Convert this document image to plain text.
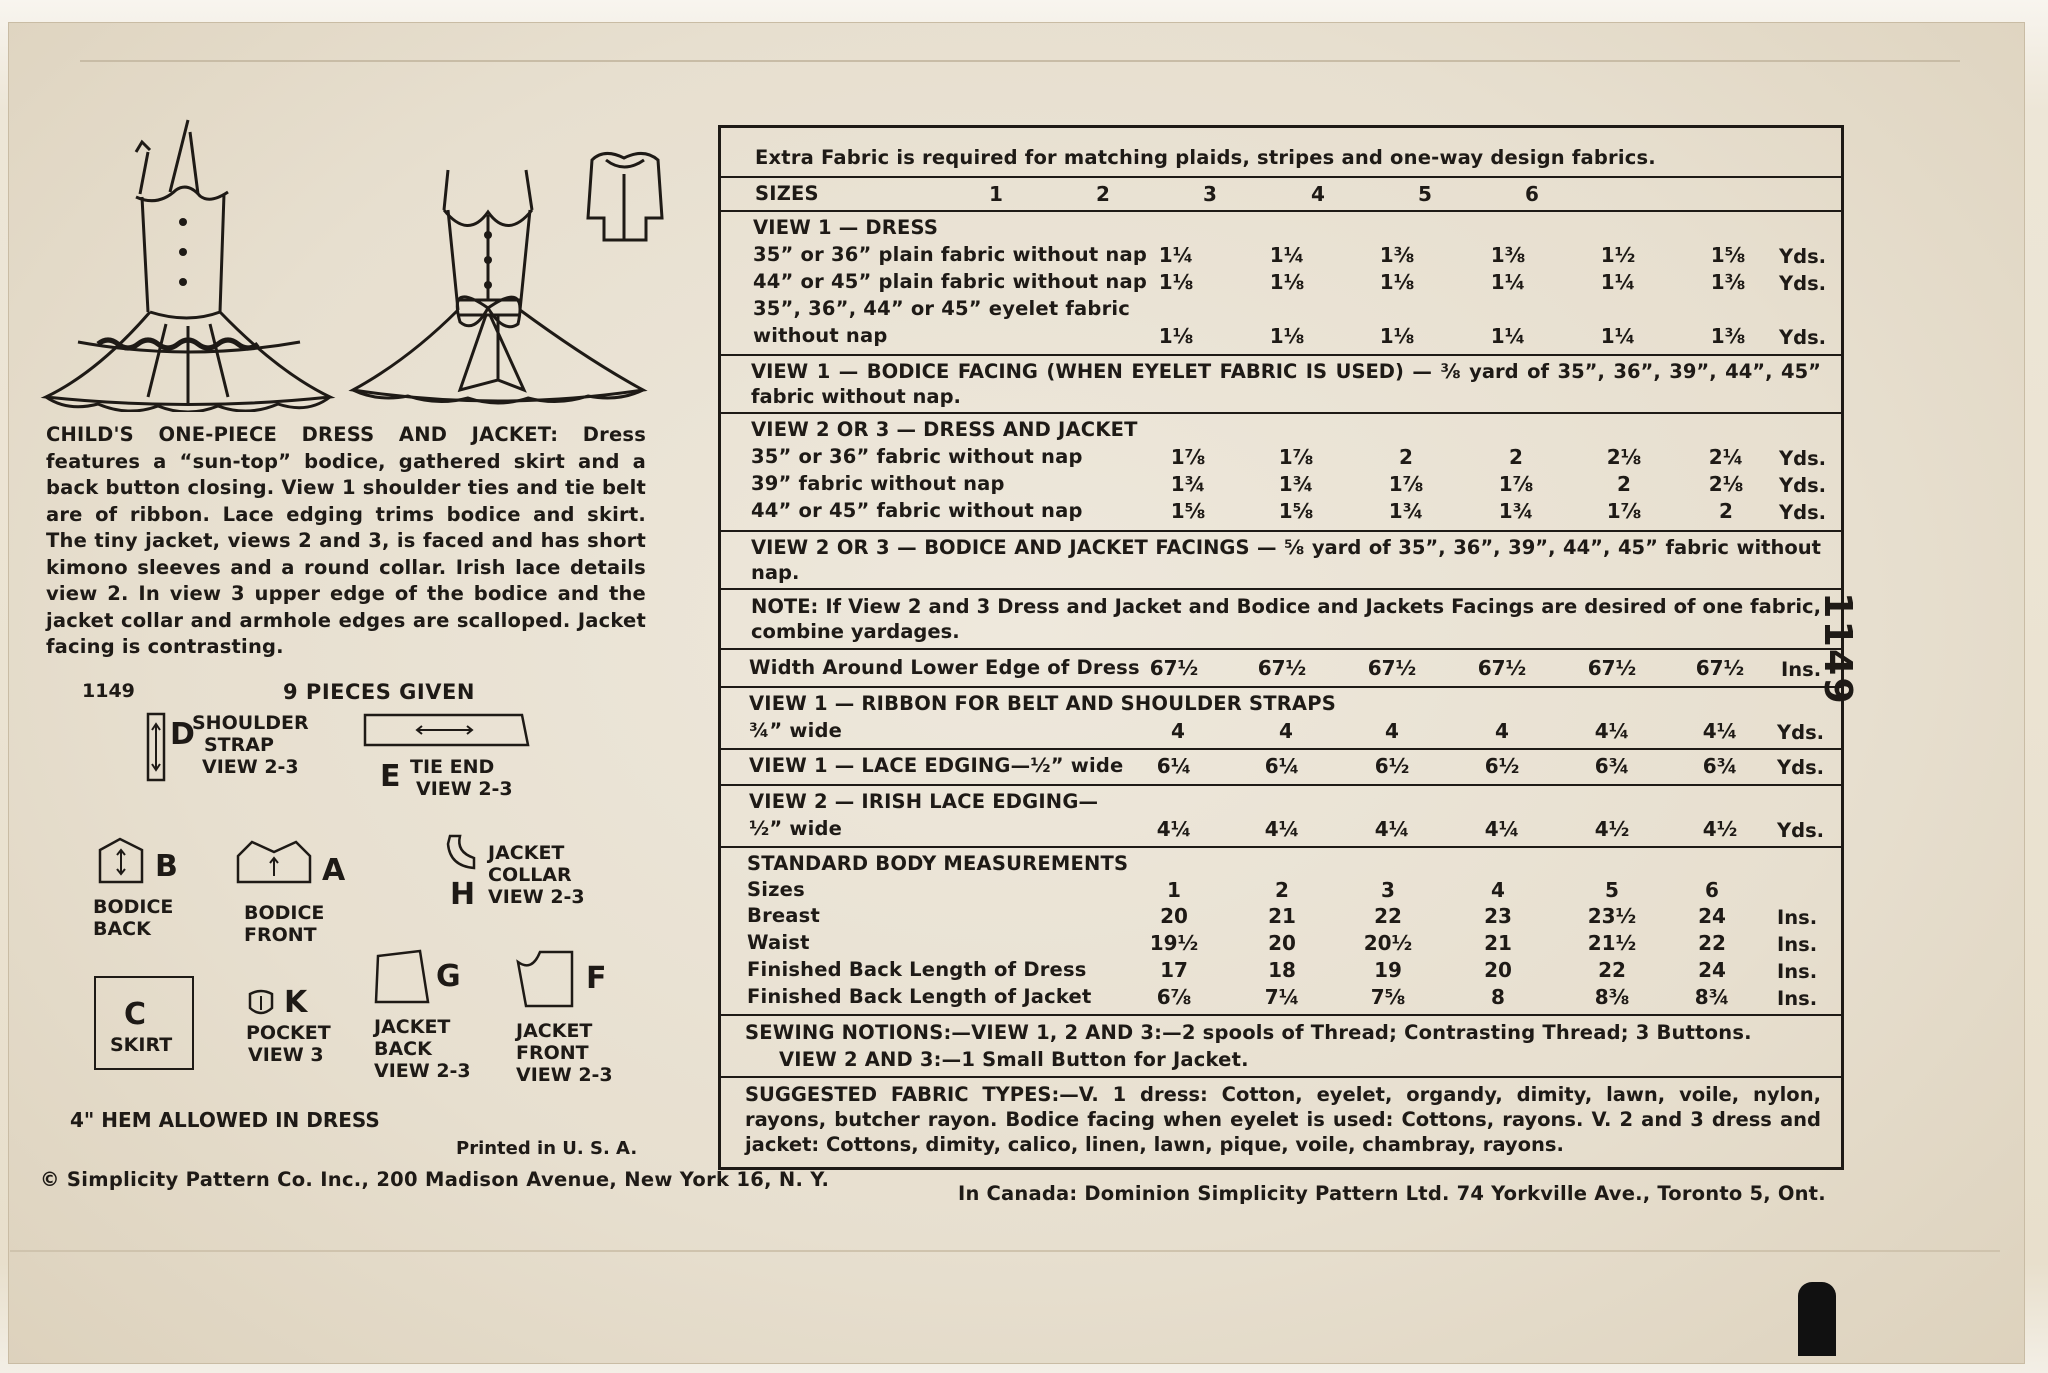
CHILD'S ONE-PIECE DRESS AND JACKET: Dress features a “sun-top” bodice, gathered skirt and a back button closing. View 1 shoulder ties and tie belt are of ribbon. Lace edging trims bodice and skirt. The tiny jacket, views 2 and 3, is faced and has short kimono sleeves and a round collar. Irish lace details view 2. In view 3 upper edge of the bodice and the jacket collar and armhole edges are scalloped. Jacket facing is contrasting.
1149	9 PIECES GIVEN
D
SHOULDER
STRAP
VIEW 2-3	E TIE END
VIEW 2-3
B
BODICE
BACK
A
BODICE
FRONT
H
JACKET
COLLAR
VIEW 2-3
C
SKIRT
K
POCKET
VIEW 3
G
JACKET
BACK
VIEW 2-3
F
JACKET
FRONT
VIEW 2-3
4" HEM ALLOWED IN DRESS
Printed in U. S. A.
© Simplicity Pattern Co. Inc., 200 Madison Avenue, New York 16, N. Y.
In Canada: Dominion Simplicity Pattern Ltd. 74 Yorkville Ave., Toronto 5, Ont.
1149
Extra Fabric is required for matching plaids, stripes and one-way design fabrics.
SIZES	1	2	3	4	5	6
VIEW 1 — DRESS
35” or 36” plain fabric without nap 1¼	1¼	1⅜	1⅜	1½	1⅝	Yds.
44” or 45” plain fabric without nap 1⅛	1⅛	1⅛	1¼	1¼	1⅜	Yds.
35”, 36”, 44” or 45” eyelet fabric
without nap	1⅛	1⅛	1⅛	1¼	1¼	1⅜	Yds.
VIEW 1 — BODICE FACING (WHEN EYELET FABRIC IS USED) — ⅜ yard of 35”, 36”, 39”, 44”, 45” fabric without nap.
VIEW 2 OR 3 — DRESS AND JACKET
35” or 36” fabric without nap	1⅞	1⅞	2	2	2⅛	2¼	Yds.
39” fabric without nap	1¾	1¾	1⅞	1⅞	2	2⅛	Yds.
44” or 45” fabric without nap	1⅝	1⅝	1¾	1¾	1⅞	2	Yds.
VIEW 2 OR 3 — BODICE AND JACKET FACINGS — ⅝ yard of 35”, 36”, 39”, 44”, 45” fabric without nap.
NOTE: If View 2 and 3 Dress and Jacket and Bodice and Jackets Facings are desired of one fabric, combine yardages.
Width Around Lower Edge of Dress 67½	67½	67½	67½	67½	67½	Ins.
VIEW 1 — RIBBON FOR BELT AND SHOULDER STRAPS
¾” wide	4	4	4	4	4¼	4¼	Yds.
VIEW 1 — LACE EDGING—½” wide	6¼	6¼	6½	6½	6¾	6¾	Yds.
VIEW 2 — IRISH LACE EDGING—
½” wide	4¼	4¼	4¼	4¼	4½	4½	Yds.
STANDARD BODY MEASUREMENTS
Sizes	1	2	3	4	5	6
Breast	20	21	22	23	23½	24	Ins.
Waist	19½	20	20½	21	21½	22	Ins.
Finished Back Length of Dress	17	18	19	20	22	24	Ins.
Finished Back Length of Jacket	6⅞	7¼	7⅝	8	8⅜	8¾	Ins.
SEWING NOTIONS:—VIEW 1, 2 AND 3:—2 spools of Thread; Contrasting Thread; 3 Buttons.
VIEW 2 AND 3:—1 Small Button for Jacket.
SUGGESTED FABRIC TYPES:—V. 1 dress: Cotton, eyelet, organdy, dimity, lawn, voile, nylon, rayons, butcher rayon. Bodice facing when eyelet is used: Cottons, rayons. V. 2 and 3 dress and jacket: Cottons, dimity, calico, linen, lawn, pique, voile, chambray, rayons.
